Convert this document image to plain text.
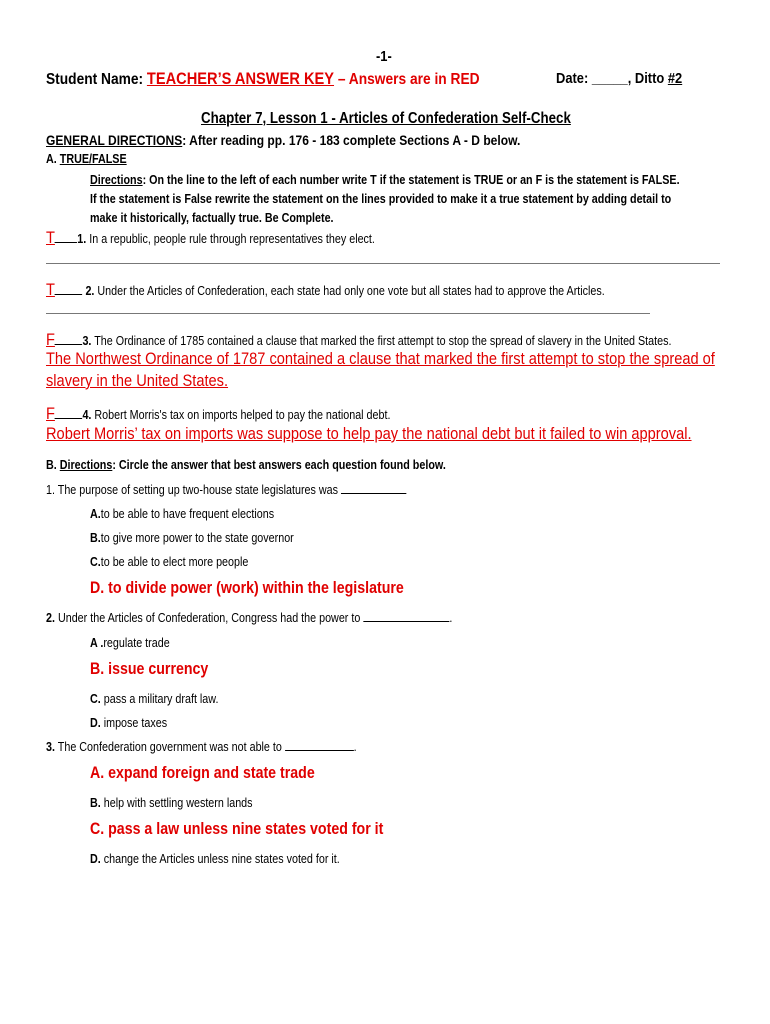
-1-
Student Name: TEACHER’S ANSWER KEY – Answers are in RED	Date: _____, Ditto #2
Chapter 7, Lesson 1 - Articles of Confederation Self-Check
GENERAL DIRECTIONS: After reading pp. 176 - 183 complete Sections A - D below.
A. TRUE/FALSE
Directions: On the line to the left of each number write T if the statement is TRUE or an F is the statement is FALSE.
If the statement is False rewrite the statement on the lines provided to make it a true statement by adding detail to
make it historically, factually true. Be Complete.
T 1. In a republic, people rule through representatives they elect.
T 2. Under the Articles of Confederation, each state had only one vote but all states had to approve the Articles.
F 3. The Ordinance of 1785 contained a clause that marked the first attempt to stop the spread of slavery in the United States.
The Northwest Ordinance of 1787 contained a clause that marked the first attempt to stop the spread of
slavery in the United States.
F 4. Robert Morris's tax on imports helped to pay the national debt.
Robert Morris’ tax on imports was suppose to help pay the national debt but it failed to win approval.
B. Directions: Circle the answer that best answers each question found below.
1. The purpose of setting up two-house state legislatures was
A.to be able to have frequent elections
B.to give more power to the state governor
C.to be able to elect more people
D. to divide power (work) within the legislature
2. Under the Articles of Confederation, Congress had the power to	.
A .regulate trade
B. issue currency
C. pass a military draft law.
D. impose taxes
3. The Confederation government was not able to	.
A. expand foreign and state trade
B. help with settling western lands
C. pass a law unless nine states voted for it
D. change the Articles unless nine states voted for it.
